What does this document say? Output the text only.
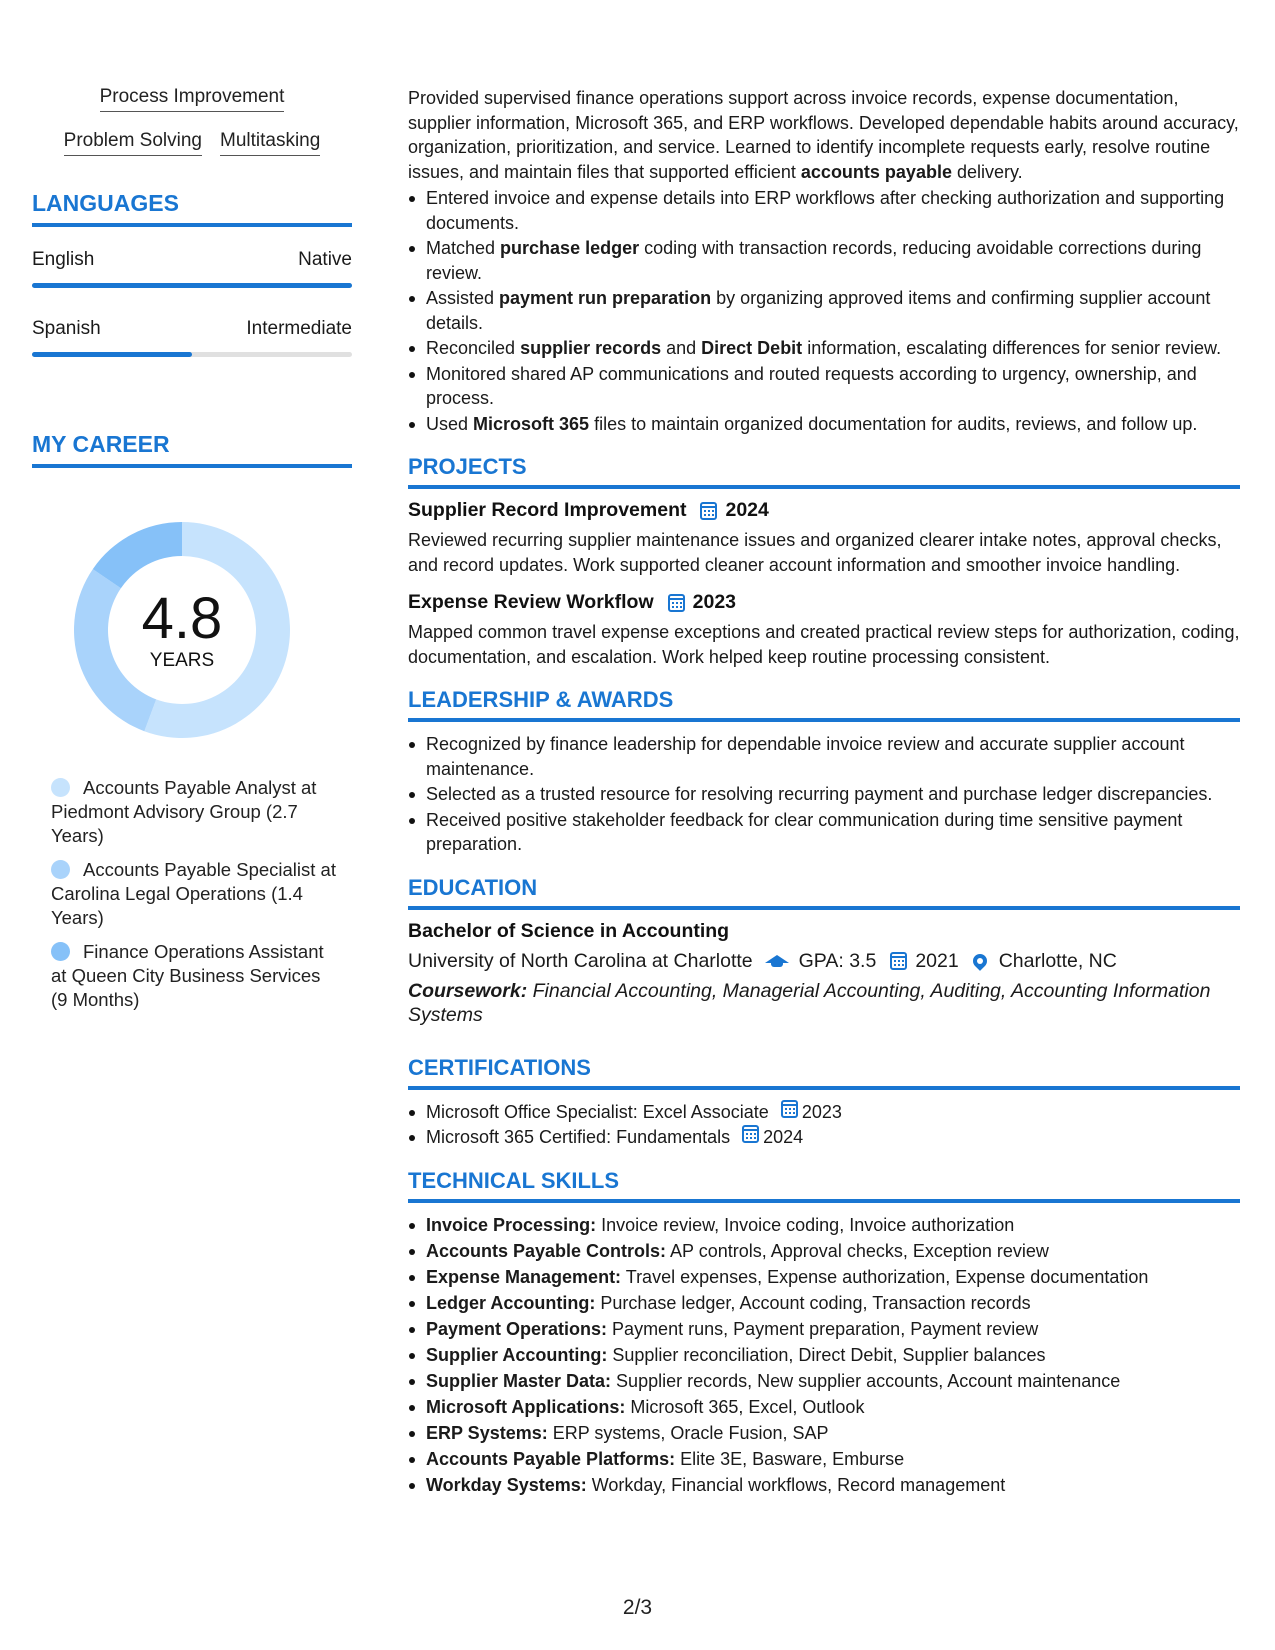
Process Improvement
Problem Solving Multitasking
LANGUAGES
English	Native
Spanish	Intermediate
MY CAREER
4.8
YEARS
Accounts Payable Analyst at Piedmont Advisory Group (2.7 Years)
Accounts Payable Specialist at Carolina Legal Operations (1.4 Years)
Finance Operations Assistant at Queen City Business Services (9 Months)
Provided supervised finance operations support across invoice records, expense documentation, supplier information, Microsoft 365, and ERP workflows. Developed dependable habits around accuracy, organization, prioritization, and service. Learned to identify incomplete requests early, resolve routine issues, and maintain files that supported efficient accounts payable delivery.
Entered invoice and expense details into ERP workflows after checking authorization and supporting documents.
Matched purchase ledger coding with transaction records, reducing avoidable corrections during review.
Assisted payment run preparation by organizing approved items and confirming supplier account details.
Reconciled supplier records and Direct Debit information, escalating differences for senior review.
Monitored shared AP communications and routed requests according to urgency, ownership, and process.
Used Microsoft 365 files to maintain organized documentation for audits, reviews, and follow up.
PROJECTS
Supplier Record Improvement 2024
Reviewed recurring supplier maintenance issues and organized clearer intake notes, approval checks, and record updates. Work supported cleaner account information and smoother invoice handling.
Expense Review Workflow 2023
Mapped common travel expense exceptions and created practical review steps for authorization, coding, documentation, and escalation. Work helped keep routine processing consistent.
LEADERSHIP & AWARDS
Recognized by finance leadership for dependable invoice review and accurate supplier account maintenance.
Selected as a trusted resource for resolving recurring payment and purchase ledger discrepancies.
Received positive stakeholder feedback for clear communication during time sensitive payment preparation.
EDUCATION
Bachelor of Science in Accounting
University of North Carolina at Charlotte GPA: 3.5 2021 Charlotte, NC
Coursework: Financial Accounting, Managerial Accounting, Auditing, Accounting Information Systems
CERTIFICATIONS
Microsoft Office Specialist: Excel Associate 2023
Microsoft 365 Certified: Fundamentals 2024
TECHNICAL SKILLS
Invoice Processing: Invoice review, Invoice coding, Invoice authorization
Accounts Payable Controls: AP controls, Approval checks, Exception review
Expense Management: Travel expenses, Expense authorization, Expense documentation
Ledger Accounting: Purchase ledger, Account coding, Transaction records
Payment Operations: Payment runs, Payment preparation, Payment review
Supplier Accounting: Supplier reconciliation, Direct Debit, Supplier balances
Supplier Master Data: Supplier records, New supplier accounts, Account maintenance
Microsoft Applications: Microsoft 365, Excel, Outlook
ERP Systems: ERP systems, Oracle Fusion, SAP
Accounts Payable Platforms: Elite 3E, Basware, Emburse
Workday Systems: Workday, Financial workflows, Record management
2/3
